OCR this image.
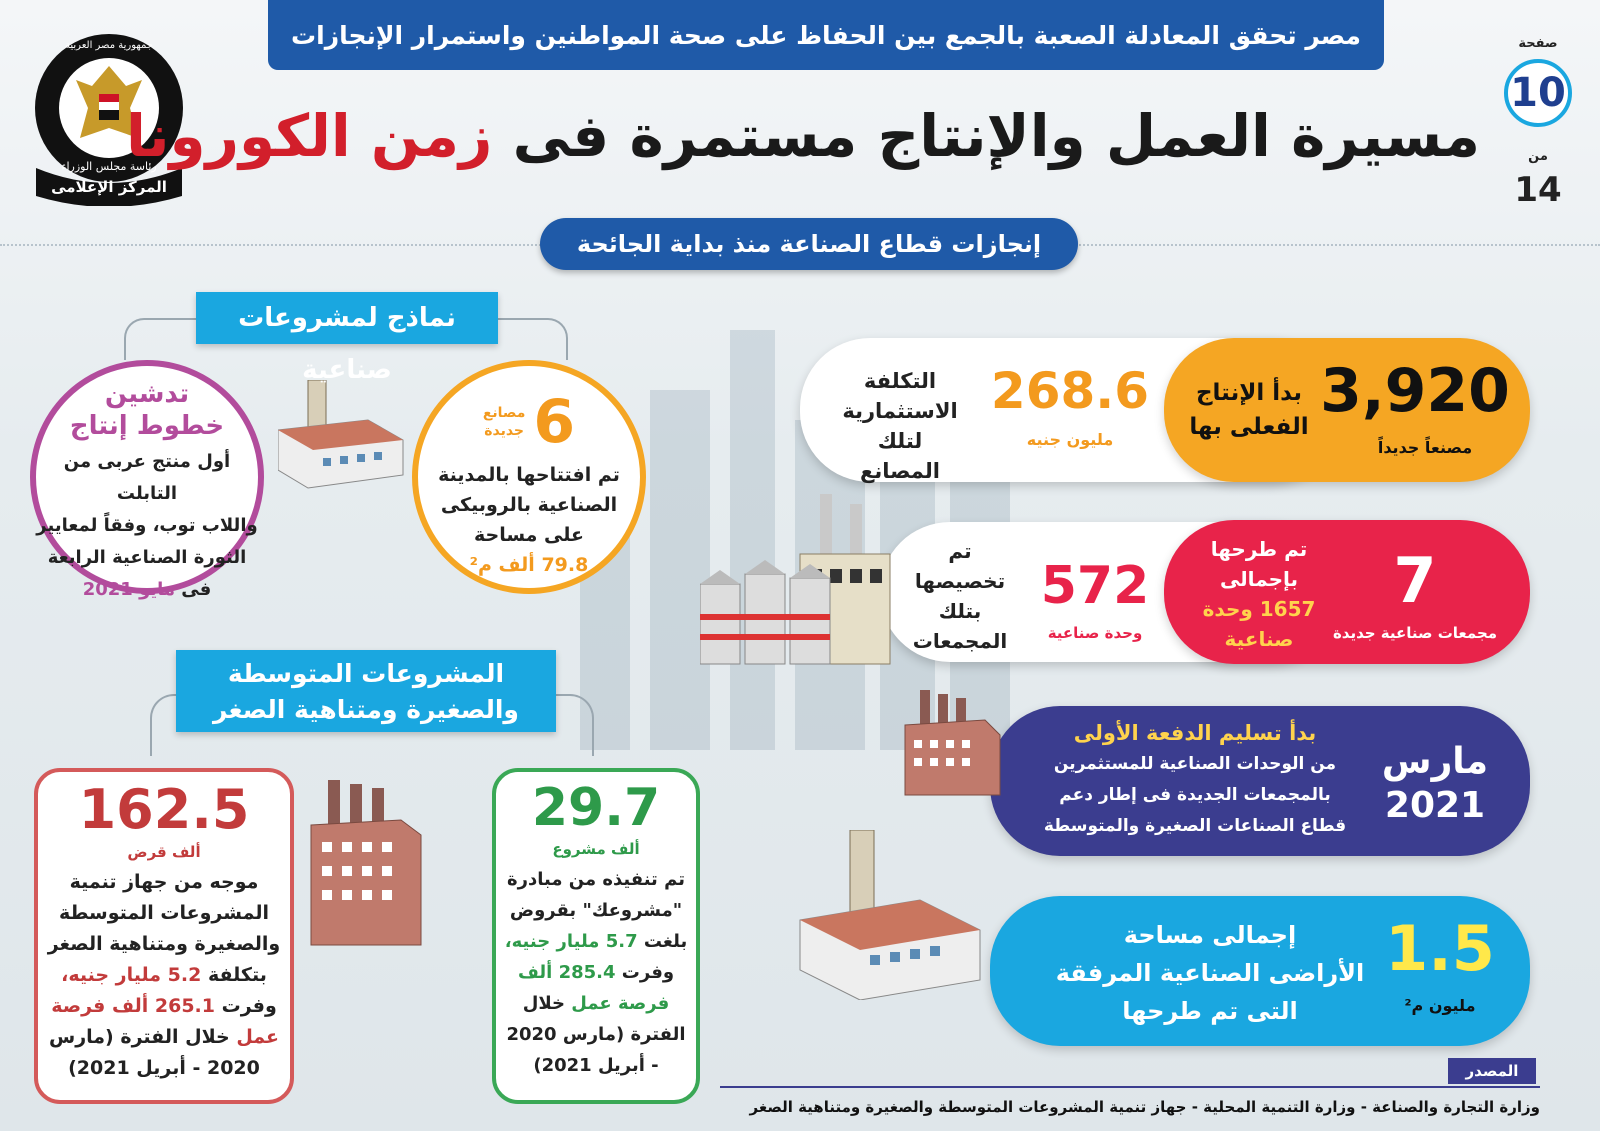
مصر تحقق المعادلة الصعبة بالجمع بين الحفاظ على صحة المواطنين واستمرار الإنجازات
جمهورية مصر العربية
رئاسة مجلس الوزراء
المركز الإعلامى
صفحة
10
من
14
مسيرة العمل والإنتاج مستمرة فى زمن الكورونا
إنجازات قطاع الصناعة منذ بداية الجائحة
التكلفة
الاستثمارية
لتلك المصانع
268.6
مليون جنيه
3,920
مصنعاً جديداً
بدأ الإنتاج
الفعلى بها
تم
تخصيصها
بتلك
المجمعات
572
وحدة صناعية
7
مجمعات صناعية جديدة
تم طرحها
بإجمالى
1657 وحدة
صناعية
مارس
2021
بدأ تسليم الدفعة الأولى
من الوحدات الصناعية للمستثمرين
بالمجمعات الجديدة فى إطار دعم
قطاع الصناعات الصغيرة والمتوسطة
1.5
مليون م²
إجمالى مساحة
الأراضى الصناعية المرفقة
التى تم طرحها
نماذج لمشروعات صناعية
6
مصانع
جديدة
تم افتتاحها بالمدينة
الصناعية بالروبيكى
على مساحة
79.8 ألف م²
تدشين
خطوط إنتاج
أول منتج عربى من التابلت
واللاب توب، وفقاً لمعايير
الثورة الصناعية الرابعة
فى مايو 2021
المشروعات المتوسطة
والصغيرة ومتناهية الصغر
162.5
ألف قرض
موجه من جهاز تنمية
المشروعات المتوسطة
والصغيرة ومتناهية الصغر
بتكلفة 5.2 مليار جنيه،
وفرت 265.1 ألف فرصة
عمل خلال الفترة (مارس
2020 - أبريل 2021)
29.7
ألف مشروع
تم تنفيذه من مبادرة
"مشروعك" بقروض
بلغت 5.7 مليار جنيه،
وفرت 285.4 ألف
فرصة عمل خلال
الفترة (مارس 2020
- أبريل 2021)	المصدر
وزارة التجارة والصناعة - وزارة التنمية المحلية - جهاز تنمية المشروعات المتوسطة والصغيرة ومتناهية الصغر
